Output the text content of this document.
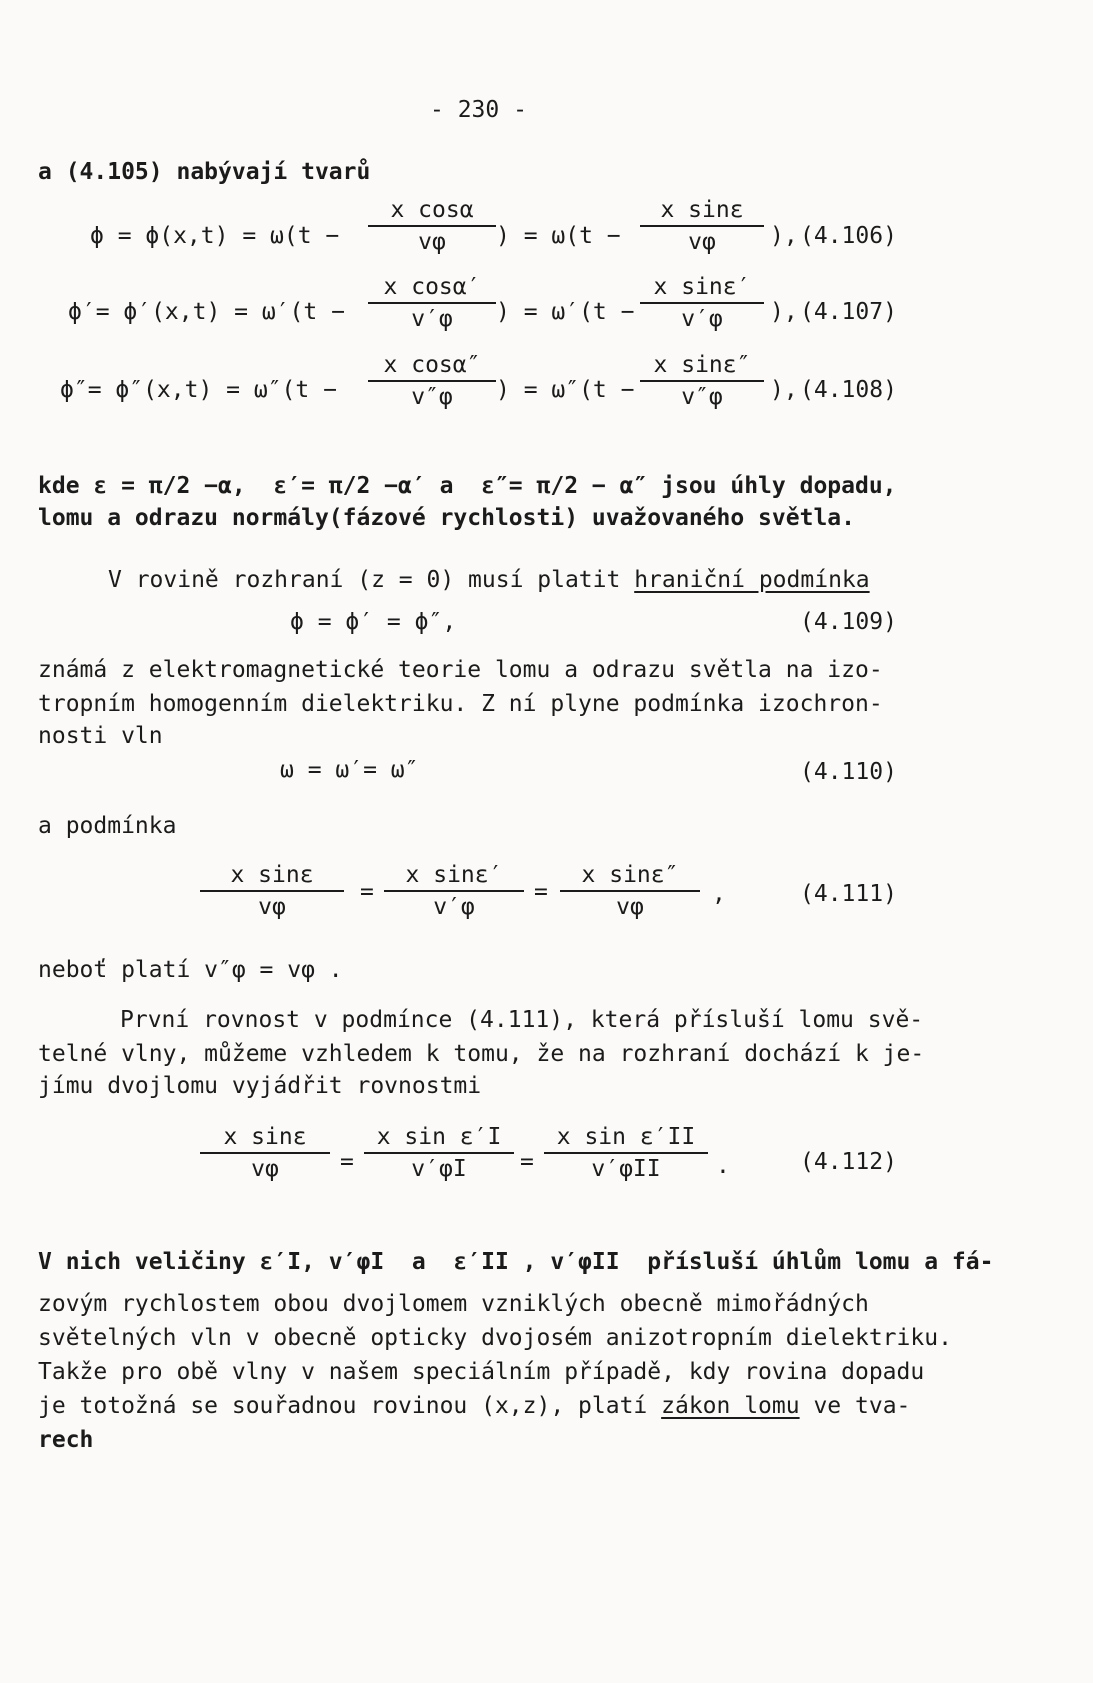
- 230 -
a (4.105) nabývají tvarů
ϕ = ϕ(x,t) = ω(t −
x cosα
vφ	) = ω(t −
x sinε
vφ	), (4.106)
ϕ′= ϕ′(x,t) = ω′(t −
x cosα′
v′φ	) = ω′(t −
x sinε′
v′φ	), (4.107)
ϕ″= ϕ″(x,t) = ω″(t −
x cosα″
v″φ	) = ω″(t −
x sinε″
v″φ	), (4.108)
kde ε = π/2 −α,  ε′= π/2 −α′ a  ε″= π/2 − α″ jsou úhly dopadu,
lomu a odrazu normály(fázové rychlosti) uvažovaného světla.
V rovině rozhraní (z = 0) musí platit hraniční podmínka
ϕ = ϕ′ = ϕ″,	(4.109)
známá z elektromagnetické teorie lomu a odrazu světla na izo-
tropním homogenním dielektriku. Z ní plyne podmínka izochron-
nosti vln
ω = ω′= ω″	(4.110)
a podmínka
x sinε
vφ
=
x sinε′
v′φ
=
x sinε″
vφ	,	(4.111)
neboť platí v″φ = vφ .
První rovnost v podmínce (4.111), která přísluší lomu svě-
telné vlny, můžeme vzhledem k tomu, že na rozhraní dochází k je-
jímu dvojlomu vyjádřit rovnostmi
x sinε
vφ	=
x sin ε′I
v′φI	=
x sin ε′II
v′φII	.	(4.112)
V nich veličiny ε′I, v′φI  a  ε′II , v′φII  přísluší úhlům lomu a fá-
zovým rychlostem obou dvojlomem vzniklých obecně mimořádných
světelných vln v obecně opticky dvojosém anizotropním dielektriku.
Takže pro obě vlny v našem speciálním případě, kdy rovina dopadu
je totožná se souřadnou rovinou (x,z), platí zákon lomu ve tva-
rech
